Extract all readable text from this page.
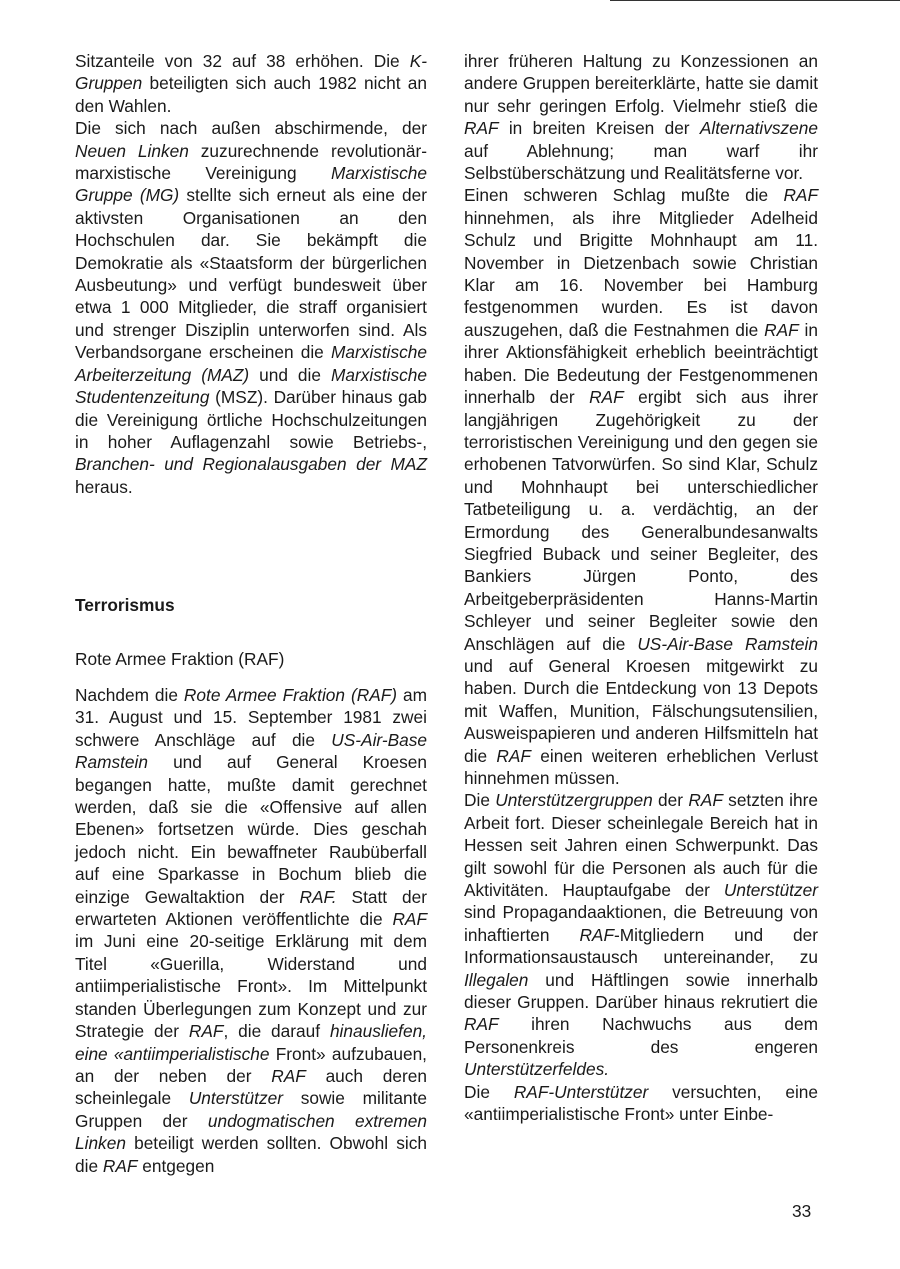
Sitzanteile von 32 auf 38 erhöhen. Die K-Gruppen beteiligten sich auch 1982 nicht an den Wahlen.

Die sich nach außen abschirmende, der Neuen Linken zuzurechnende revolutionär-marxistische Vereinigung Marxistische Gruppe (MG) stellte sich erneut als eine der aktivsten Organisationen an den Hochschulen dar. Sie bekämpft die Demokratie als «Staatsform der bürgerlichen Ausbeutung» und verfügt bundesweit über etwa 1 000 Mitglieder, die straff organisiert und strenger Disziplin unterworfen sind. Als Verbandsorgane erscheinen die Marxistische Arbeiterzeitung (MAZ) und die Marxistische Studentenzeitung (MSZ). Darüber hinaus gab die Vereinigung örtliche Hochschulzeitungen in hoher Auflagenzahl sowie Betriebs-, Branchen- und Regionalausgaben der MAZ heraus.

Terrorismus

Rote Armee Fraktion (RAF)

Nachdem die Rote Armee Fraktion (RAF) am 31. August und 15. September 1981 zwei schwere Anschläge auf die US-Air-Base Ramstein und auf General Kroesen begangen hatte, mußte damit gerechnet werden, daß sie die «Offensive auf allen Ebenen» fortsetzen würde. Dies geschah jedoch nicht. Ein bewaffneter Raubüberfall auf eine Sparkasse in Bochum blieb die einzige Gewaltaktion der RAF. Statt der erwarteten Aktionen veröffentlichte die RAF im Juni eine 20-seitige Erklärung mit dem Titel «Guerilla, Widerstand und antiimperialistische Front». Im Mittelpunkt standen Überlegungen zum Konzept und zur Strategie der RAF, die darauf hinausliefen, eine «antiimperialistische Front» aufzubauen, an der neben der RAF auch deren scheinlegale Unterstützer sowie militante Gruppen der undogmatischen extremen Linken beteiligt werden sollten. Obwohl sich die RAF entgegen

ihrer früheren Haltung zu Konzessionen an andere Gruppen bereiterklärte, hatte sie damit nur sehr geringen Erfolg. Vielmehr stieß die RAF in breiten Kreisen der Alternativszene auf Ablehnung; man warf ihr Selbstüberschätzung und Realitätsferne vor.

Einen schweren Schlag mußte die RAF hinnehmen, als ihre Mitglieder Adelheid Schulz und Brigitte Mohnhaupt am 11. November in Dietzenbach sowie Christian Klar am 16. November bei Hamburg festgenommen wurden. Es ist davon auszugehen, daß die Festnahmen die RAF in ihrer Aktionsfähigkeit erheblich beeinträchtigt haben. Die Bedeutung der Festgenommenen innerhalb der RAF ergibt sich aus ihrer langjährigen Zugehörigkeit zu der terroristischen Vereinigung und den gegen sie erhobenen Tatvorwürfen. So sind Klar, Schulz und Mohnhaupt bei unterschiedlicher Tatbeteiligung u. a. verdächtig, an der Ermordung des Generalbundesanwalts Siegfried Buback und seiner Begleiter, des Bankiers Jürgen Ponto, des Arbeitgeberpräsidenten Hanns-Martin Schleyer und seiner Begleiter sowie den Anschlägen auf die US-Air-Base Ramstein und auf General Kroesen mitgewirkt zu haben. Durch die Entdeckung von 13 Depots mit Waffen, Munition, Fälschungsutensilien, Ausweispapieren und anderen Hilfsmitteln hat die RAF einen weiteren erheblichen Verlust hinnehmen müssen.

Die Unterstützergruppen der RAF setzten ihre Arbeit fort. Dieser scheinlegale Bereich hat in Hessen seit Jahren einen Schwerpunkt. Das gilt sowohl für die Personen als auch für die Aktivitäten. Hauptaufgabe der Unterstützer sind Propagandaaktionen, die Betreuung von inhaftierten RAF-Mitgliedern und der Informationsaustausch untereinander, zu Illegalen und Häftlingen sowie innerhalb dieser Gruppen. Darüber hinaus rekrutiert die RAF ihren Nachwuchs aus dem Personenkreis des engeren Unterstützerfeldes.

Die RAF-Unterstützer versuchten, eine «antiimperialistische Front» unter Einbe-

33
